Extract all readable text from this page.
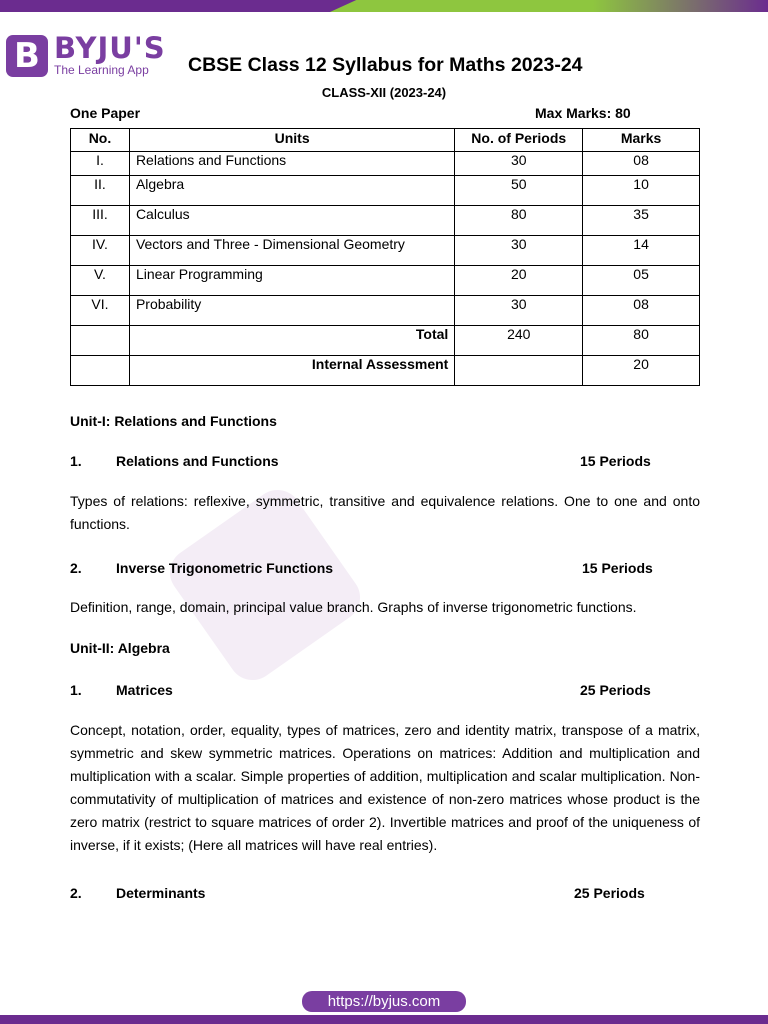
B BYJU'S
The Learning App CBSE Class 12 Syllabus for Maths 2023-24
CLASS-XII (2023-24)
One Paper	Max Marks: 80
No.	Units	No. of Periods	Marks
I.	Relations and Functions	30	08
II.	Algebra	50	10
III.	Calculus	80	35
IV.	Vectors and Three - Dimensional Geometry	30	14
V.	Linear Programming	20	05
VI.	Probability	30	08
	Total	240	80
	Internal Assessment		20
Unit-I: Relations and Functions
1. Relations and Functions	15 Periods
Types of relations: reflexive, symmetric, transitive and equivalence relations. One to one and onto functions.
2. Inverse Trigonometric Functions	15 Periods
Definition, range, domain, principal value branch. Graphs of inverse trigonometric functions.
Unit-II: Algebra
1. Matrices	25 Periods
Concept, notation, order, equality, types of matrices, zero and identity matrix, transpose of a matrix, symmetric and skew symmetric matrices. Operations on matrices: Addition and multiplication and multiplication with a scalar. Simple properties of addition, multiplication and scalar multiplication. Non-commutativity of multiplication of matrices and existence of non-zero matrices whose product is the zero matrix (restrict to square matrices of order 2). Invertible matrices and proof of the uniqueness of inverse, if it exists; (Here all matrices will have real entries).
2. Determinants	25 Periods
https://byjus.com
